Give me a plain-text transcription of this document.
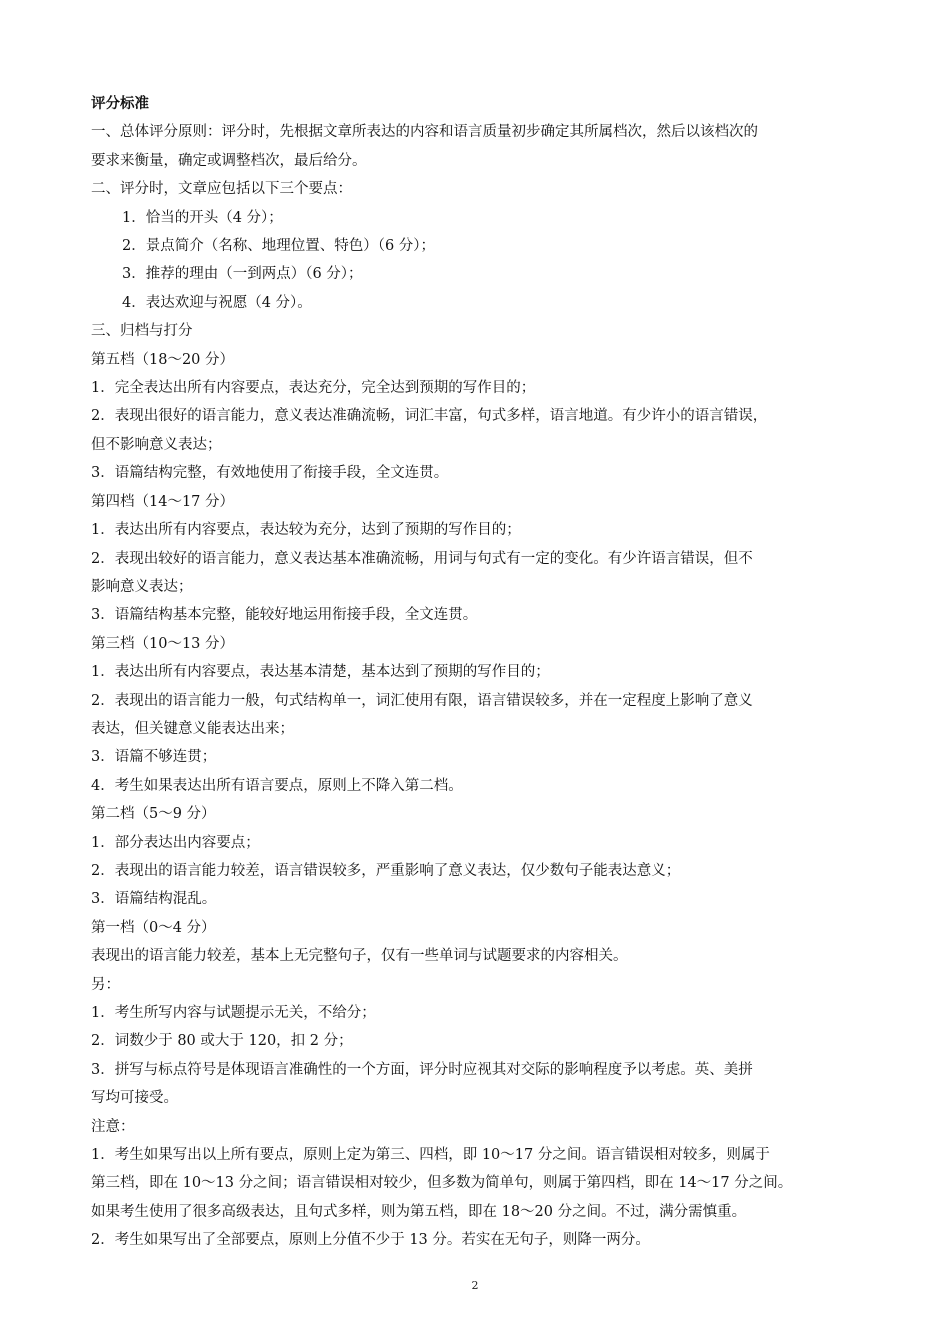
评分标准
一、总体评分原则：评分时，先根据文章所表达的内容和语言质量初步确定其所属档次，然后以该档次的
要求来衡量，确定或调整档次，最后给分。
二、评分时，文章应包括以下三个要点：
1．恰当的开头（4 分）；
2．景点简介（名称、地理位置、特色）（6 分）；
3．推荐的理由（一到两点）（6 分）；
4．表达欢迎与祝愿（4 分）。
三、归档与打分
第五档（18～20 分）
1．完全表达出所有内容要点，表达充分，完全达到预期的写作目的；
2．表现出很好的语言能力，意义表达准确流畅，词汇丰富，句式多样，语言地道。有少许小的语言错误，
但不影响意义表达；
3．语篇结构完整，有效地使用了衔接手段，全文连贯。
第四档（14～17 分）
1．表达出所有内容要点，表达较为充分，达到了预期的写作目的；
2．表现出较好的语言能力，意义表达基本准确流畅，用词与句式有一定的变化。有少许语言错误，但不
影响意义表达；
3．语篇结构基本完整，能较好地运用衔接手段，全文连贯。
第三档（10～13 分）
1．表达出所有内容要点，表达基本清楚，基本达到了预期的写作目的；
2．表现出的语言能力一般，句式结构单一，词汇使用有限，语言错误较多，并在一定程度上影响了意义
表达，但关键意义能表达出来；
3．语篇不够连贯；
4．考生如果表达出所有语言要点，原则上不降入第二档。
第二档（5～9 分）
1．部分表达出内容要点；
2．表现出的语言能力较差，语言错误较多，严重影响了意义表达，仅少数句子能表达意义；
3．语篇结构混乱。
第一档（0～4 分）
表现出的语言能力较差，基本上无完整句子，仅有一些单词与试题要求的内容相关。
另：
1．考生所写内容与试题提示无关，不给分；
2．词数少于 80 或大于 120，扣 2 分；
3．拼写与标点符号是体现语言准确性的一个方面，评分时应视其对交际的影响程度予以考虑。英、美拼
写均可接受。
注意：
1．考生如果写出以上所有要点，原则上定为第三、四档，即 10～17 分之间。语言错误相对较多，则属于
第三档，即在 10～13 分之间；语言错误相对较少，但多数为简单句，则属于第四档，即在 14～17 分之间。
如果考生使用了很多高级表达，且句式多样，则为第五档，即在 18～20 分之间。不过，满分需慎重。
2．考生如果写出了全部要点，原则上分值不少于 13 分。若实在无句子，则降一两分。
2
